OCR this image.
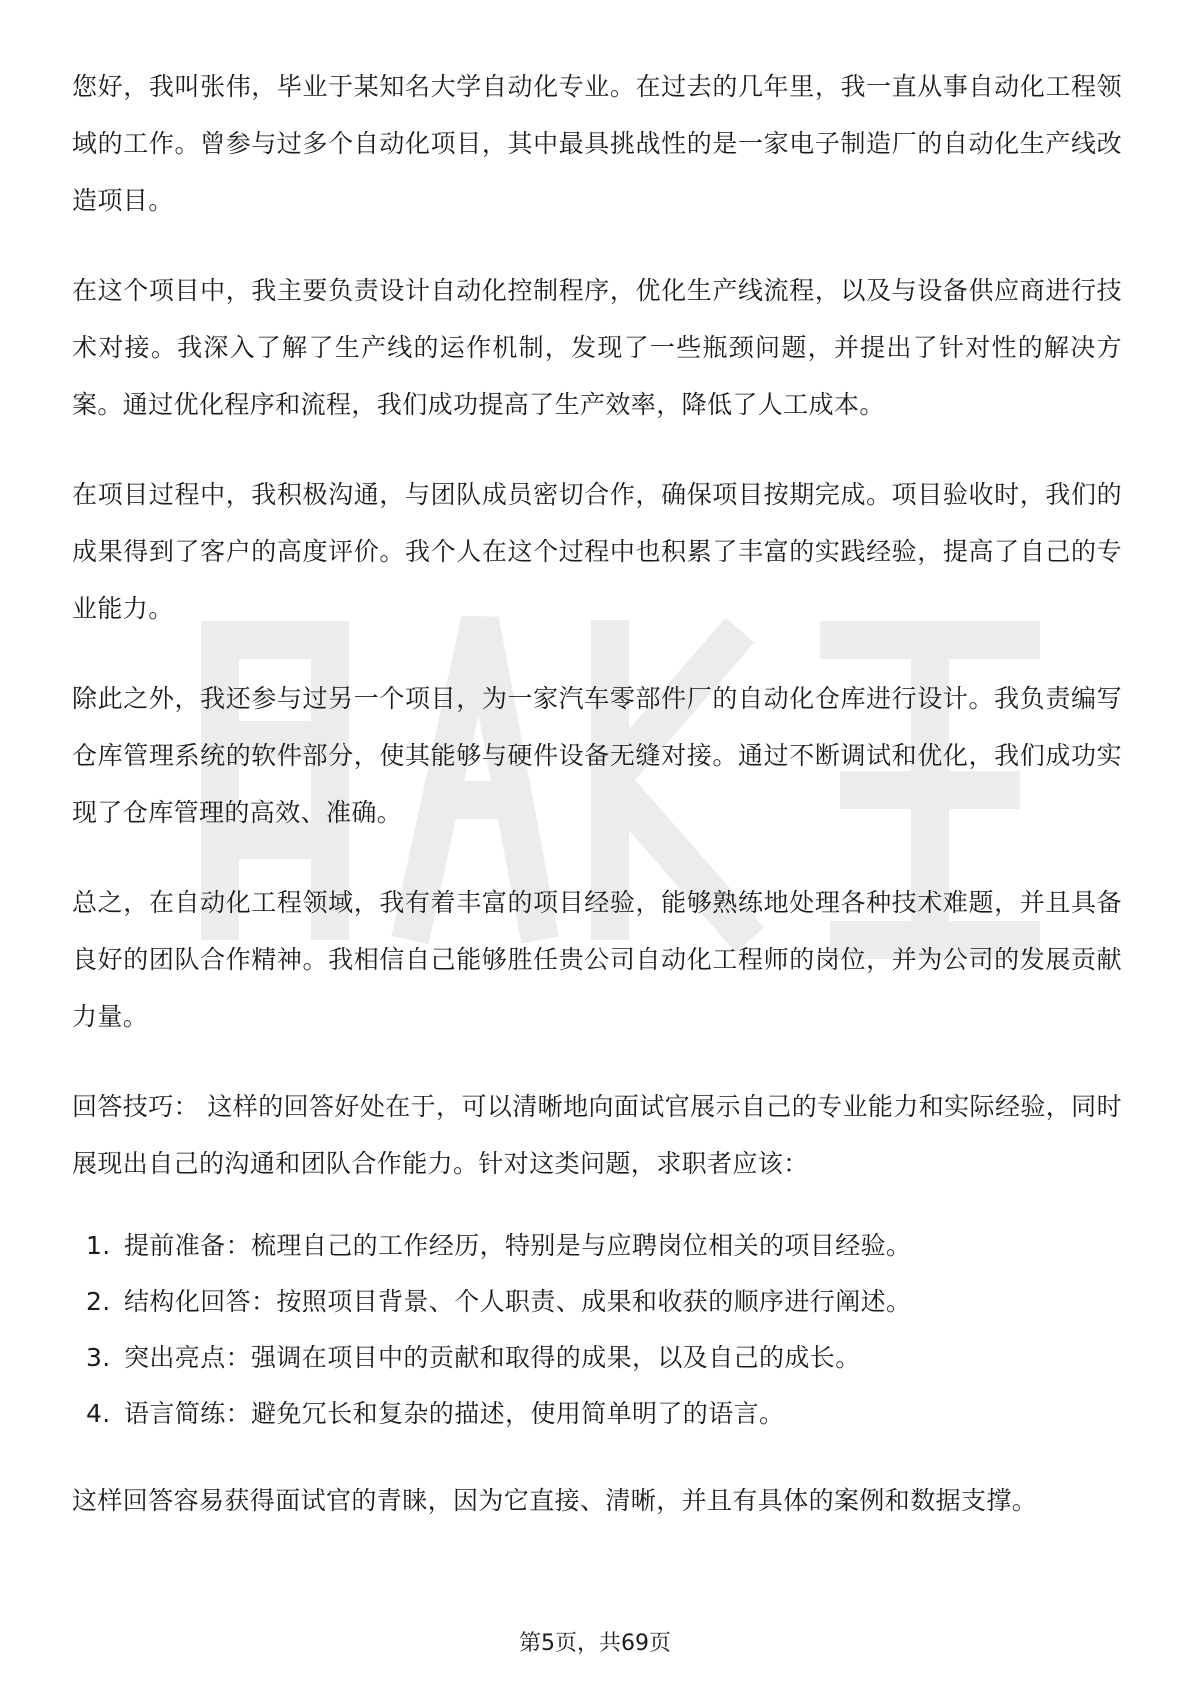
您好，我叫张伟，毕业于某知名大学自动化专业。在过去的几年里，我一直从事自动化工程领域的工作。曾参与过多个自动化项目，其中最具挑战性的是一家电子制造厂的自动化生产线改造项目。

在这个项目中，我主要负责设计自动化控制程序，优化生产线流程，以及与设备供应商进行技术对接。我深入了解了生产线的运作机制，发现了一些瓶颈问题，并提出了针对性的解决方案。通过优化程序和流程，我们成功提高了生产效率，降低了人工成本。

在项目过程中，我积极沟通，与团队成员密切合作，确保项目按期完成。项目验收时，我们的成果得到了客户的高度评价。我个人在这个过程中也积累了丰富的实践经验，提高了自己的专业能力。

除此之外，我还参与过另一个项目，为一家汽车零部件厂的自动化仓库进行设计。我负责编写仓库管理系统的软件部分，使其能够与硬件设备无缝对接。通过不断调试和优化，我们成功实现了仓库管理的高效、准确。

总之，在自动化工程领域，我有着丰富的项目经验，能够熟练地处理各种技术难题，并且具备良好的团队合作精神。我相信自己能够胜任贵公司自动化工程师的岗位，并为公司的发展贡献力量。

回答技巧： 这样的回答好处在于，可以清晰地向面试官展示自己的专业能力和实际经验，同时展现出自己的沟通和团队合作能力。针对这类问题，求职者应该：

1. 提前准备：梳理自己的工作经历，特别是与应聘岗位相关的项目经验。
2. 结构化回答：按照项目背景、个人职责、成果和收获的顺序进行阐述。
3. 突出亮点：强调在项目中的贡献和取得的成果，以及自己的成长。
4. 语言简练：避免冗长和复杂的描述，使用简单明了的语言。

这样回答容易获得面试官的青睐，因为它直接、清晰，并且有具体的案例和数据支撑。

第5页，共69页
